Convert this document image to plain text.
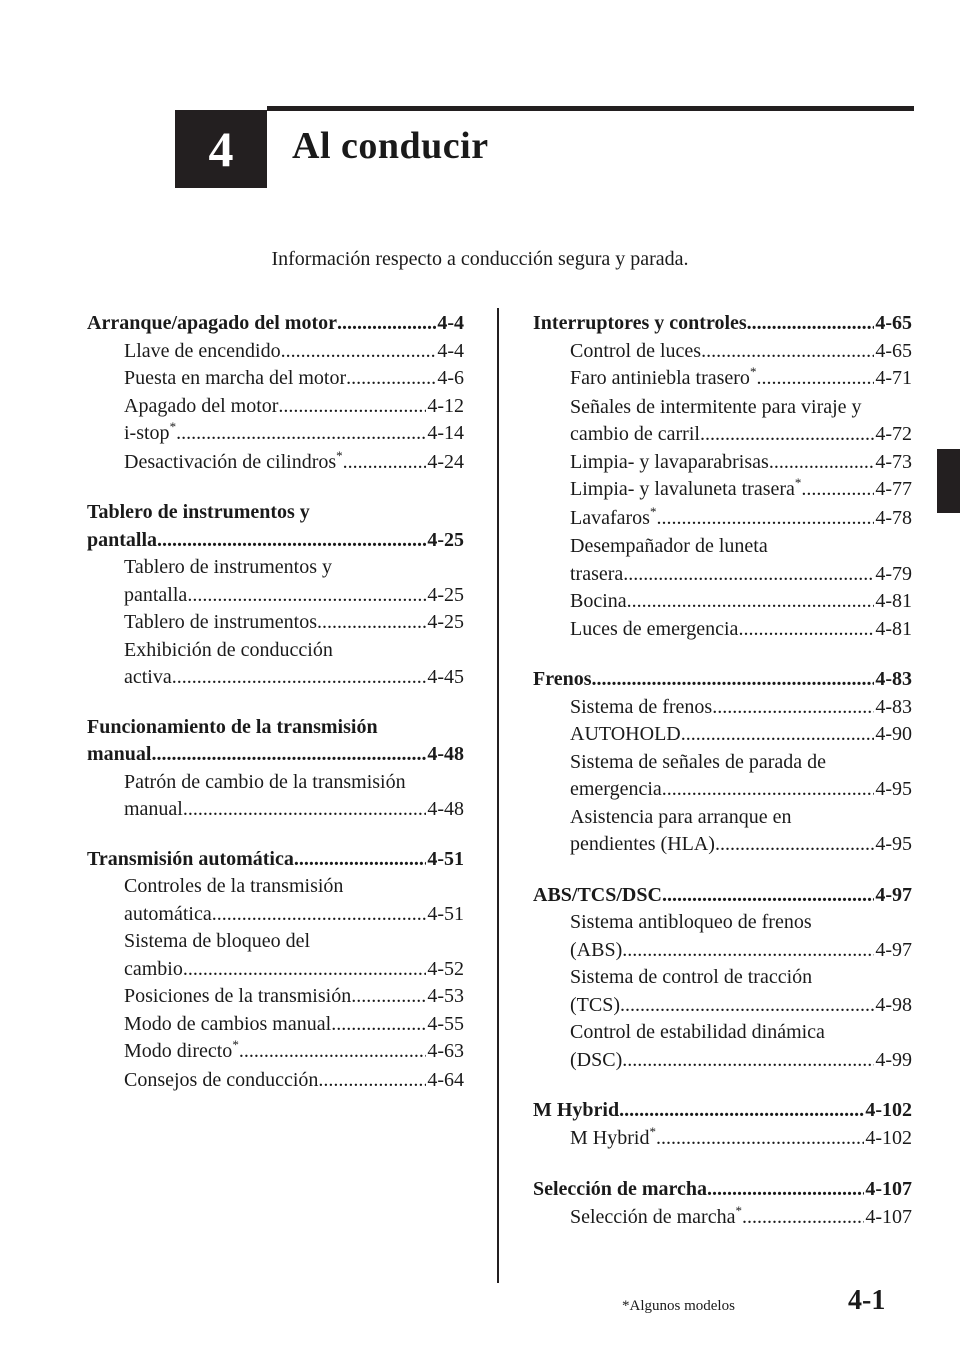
4 Al conducir
Información respecto a conducción segura y parada.
Arranque/apagado del motor .....	4-4
Llave de encendido .....	4-4
Puesta en marcha del motor .....	4-6
Apagado del motor .....	4-12
i-stop * .....	4-14
Desactivación de cilindros * .....	4-24
Tablero de instrumentos y
pantalla .....	4-25
Tablero de instrumentos y
pantalla .....	4-25
Tablero de instrumentos .....	4-25
Exhibición de conducción
activa .....	4-45
Funcionamiento de la transmisión
manual .....	4-48
Patrón de cambio de la transmisión
manual .....	4-48
Transmisión automática .....	4-51
Controles de la transmisión
automática .....	4-51
Sistema de bloqueo del
cambio .....	4-52
Posiciones de la transmisión .....	4-53
Modo de cambios manual .....	4-55
Modo directo * .....	4-63
Consejos de conducción .....	4-64
Interruptores y controles .....	4-65
Control de luces .....	4-65
Faro antiniebla trasero * .....	4-71
Señales de intermitente para viraje y
cambio de carril .....	4-72
Limpia- y lavaparabrisas .....	4-73
Limpia- y lavaluneta trasera * .....	4-77
Lavafaros * .....	4-78
Desempañador de luneta
trasera .....	4-79
Bocina .....	4-81
Luces de emergencia .....	4-81
Frenos .....	4-83
Sistema de frenos .....	4-83
AUTOHOLD .....	4-90
Sistema de señales de parada de
emergencia .....	4-95
Asistencia para arranque en
pendientes (HLA) .....	4-95
ABS/TCS/DSC .....	4-97
Sistema antibloqueo de frenos
(ABS) .....	4-97
Sistema de control de tracción
(TCS) .....	4-98
Control de estabilidad dinámica
(DSC) .....	4-99
M Hybrid .....	4-102
M Hybrid * .....	4-102
Selección de marcha .....	4-107
Selección de marcha * .....	4-107
*Algunos modelos	4-1
